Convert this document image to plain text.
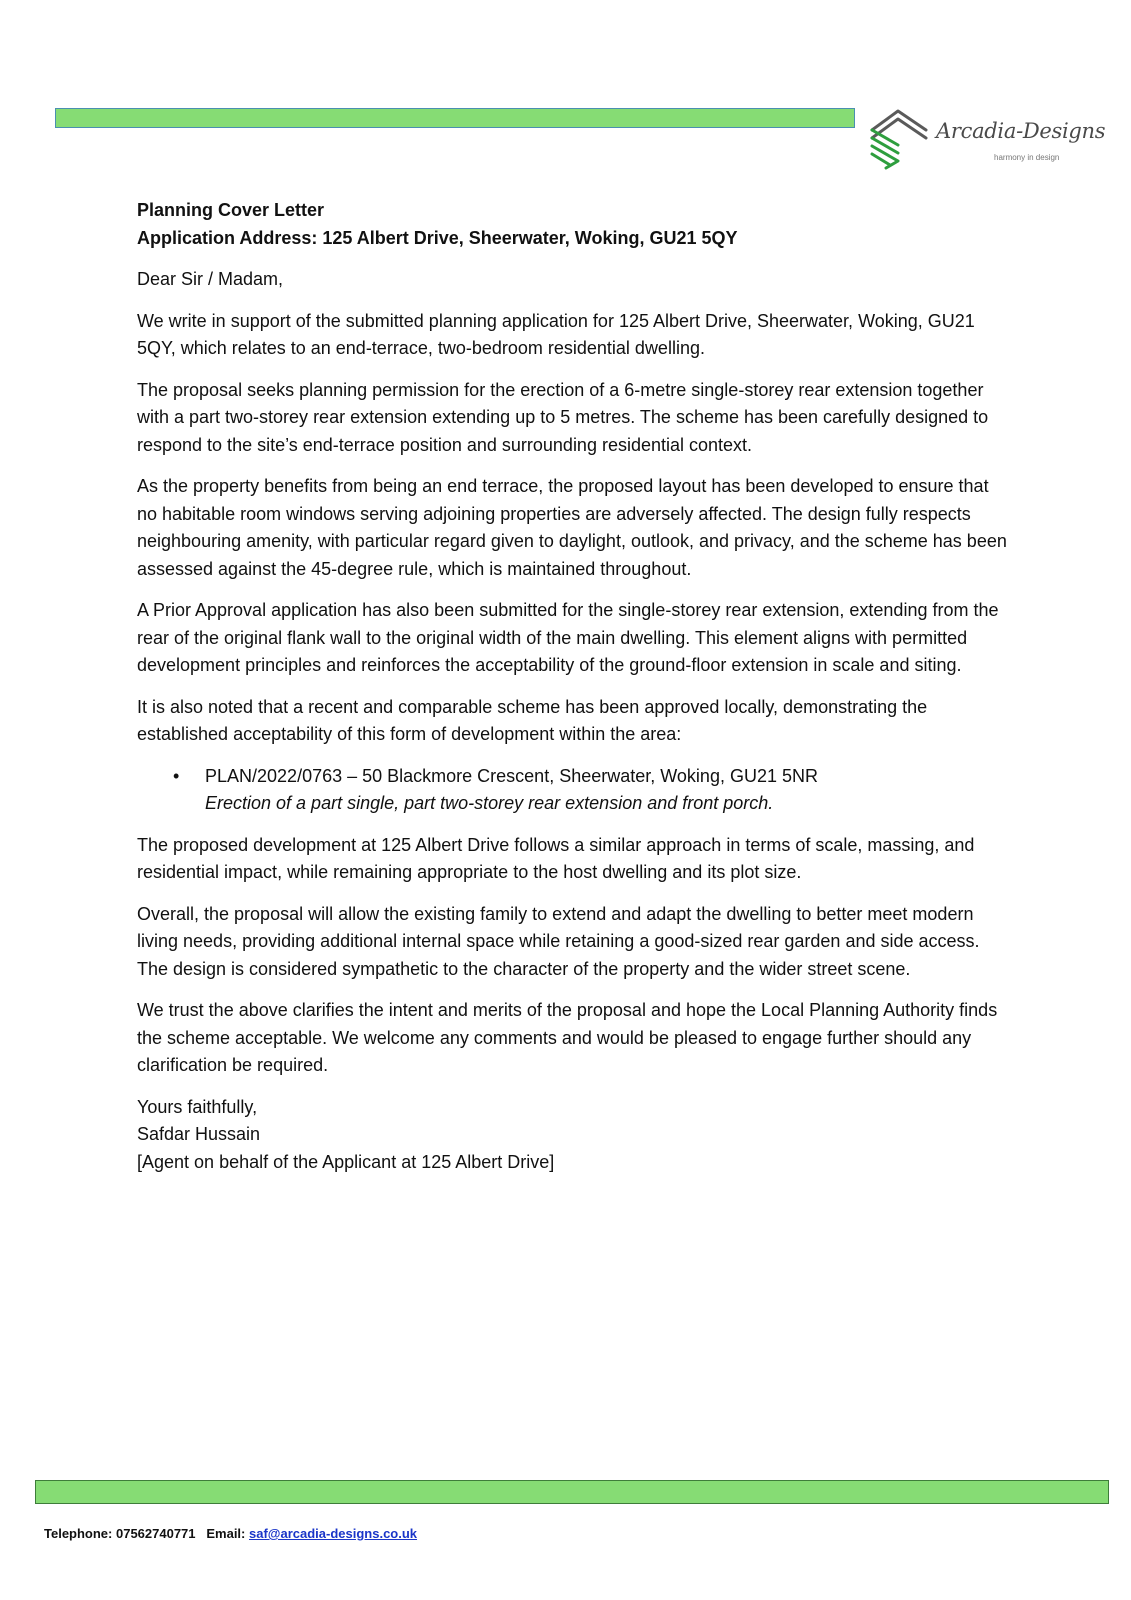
Arcadia-Designs
harmony in design
Planning Cover Letter

Application Address: 125 Albert Drive, Sheerwater, Woking, GU21 5QY

Dear Sir / Madam,

We write in support of the submitted planning application for 125 Albert Drive, Sheerwater, Woking, GU21 5QY, which relates to an end-terrace, two-bedroom residential dwelling.

The proposal seeks planning permission for the erection of a 6-metre single-storey rear extension together with a part two-storey rear extension extending up to 5 metres. The scheme has been carefully designed to respond to the site’s end-terrace position and surrounding residential context.

As the property benefits from being an end terrace, the proposed layout has been developed to ensure that no habitable room windows serving adjoining properties are adversely affected. The design fully respects neighbouring amenity, with particular regard given to daylight, outlook, and privacy, and the scheme has been assessed against the 45-degree rule, which is maintained throughout.

A Prior Approval application has also been submitted for the single-storey rear extension, extending from the rear of the original flank wall to the original width of the main dwelling. This element aligns with permitted development principles and reinforces the acceptability of the ground-floor extension in scale and siting.

It is also noted that a recent and comparable scheme has been approved locally, demonstrating the established acceptability of this form of development within the area:

• PLAN/2022/0763 – 50 Blackmore Crescent, Sheerwater, Woking, GU21 5NR
Erection of a part single, part two-storey rear extension and front porch.

The proposed development at 125 Albert Drive follows a similar approach in terms of scale, massing, and residential impact, while remaining appropriate to the host dwelling and its plot size.

Overall, the proposal will allow the existing family to extend and adapt the dwelling to better meet modern living needs, providing additional internal space while retaining a good-sized rear garden and side access. The design is considered sympathetic to the character of the property and the wider street scene.

We trust the above clarifies the intent and merits of the proposal and hope the Local Planning Authority finds the scheme acceptable. We welcome any comments and would be pleased to engage further should any clarification be required.

Yours faithfully,
Safdar Hussain
[Agent on behalf of the Applicant at 125 Albert Drive]
Telephone: 07562740771 Email: saf@arcadia-designs.co.uk
